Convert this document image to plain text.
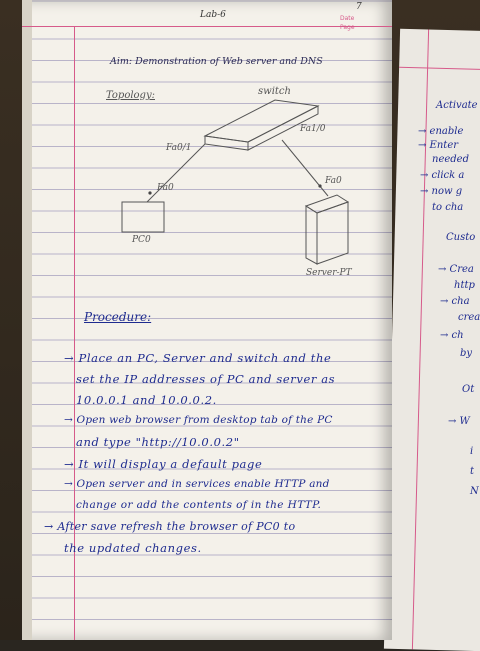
Activate
→ enable
→ Enter
needed
→ click a
→ now g
to cha
Custo
→ Crea
http
→ cha
crea
→ ch
by
Ot
→ W
i
t
N
Lab-6	Date
Page
7
Aim: Demonstration of Web server and DNS
Topology:	switch
Fa0/1
Fa1/0
Fa0
Fa0
PC0
Server-PT
Procedure:
→ Place an PC, Server and switch and the
set the IP addresses of PC and server as
10.0.0.1 and 10.0.0.2.
→ Open web browser from desktop tab of the PC
and type "http://10.0.0.2"
→ It will display a default page
→ Open server and in services enable HTTP and
change or add the contents of in the HTTP.
→ After save refresh the browser of PC0 to
the updated changes.
